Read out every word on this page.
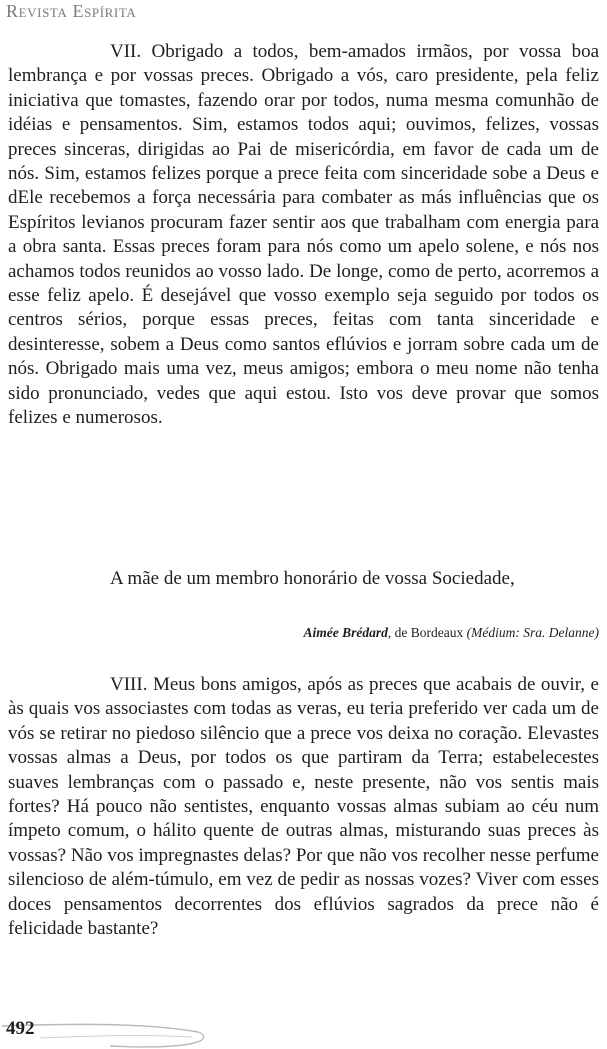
Revista Espírita

VII. Obrigado a todos, bem-amados irmãos, por vossa boa lembrança e por vossas preces. Obrigado a vós, caro presidente, pela feliz iniciativa que tomastes, fazendo orar por todos, numa mesma comunhão de idéias e pensamentos. Sim, estamos todos aqui; ouvimos, felizes, vossas preces sinceras, dirigidas ao Pai de misericórdia, em favor de cada um de nós. Sim, estamos felizes porque a prece feita com sinceridade sobe a Deus e dEle recebemos a força necessária para combater as más influências que os Espíritos levianos procuram fazer sentir aos que trabalham com energia para a obra santa. Essas preces foram para nós como um apelo solene, e nós nos achamos todos reunidos ao vosso lado. De longe, como de perto, acorremos a esse feliz apelo. É desejável que vosso exemplo seja seguido por todos os centros sérios, porque essas preces, feitas com tanta sinceridade e desinteresse, sobem a Deus como santos eflúvios e jorram sobre cada um de nós. Obrigado mais uma vez, meus amigos; embora o meu nome não tenha sido pronunciado, vedes que aqui estou. Isto vos deve provar que somos felizes e numerosos.

A mãe de um membro honorário de vossa Sociedade,

Aimée Brédard, de Bordeaux (Médium: Sra. Delanne)

VIII. Meus bons amigos, após as preces que acabais de ouvir, e às quais vos associastes com todas as veras, eu teria preferido ver cada um de vós se retirar no piedoso silêncio que a prece vos deixa no coração. Elevastes vossas almas a Deus, por todos os que partiram da Terra; estabelecestes suaves lembranças com o passado e, neste presente, não vos sentis mais fortes? Há pouco não sentistes, enquanto vossas almas subiam ao céu num ímpeto comum, o hálito quente de outras almas, misturando suas preces às vossas? Não vos impregnastes delas? Por que não vos recolher nesse perfume silencioso de além-túmulo, em vez de pedir as nossas vozes? Viver com esses doces pensamentos decorrentes dos eflúvios sagrados da prece não é felicidade bastante?

492
